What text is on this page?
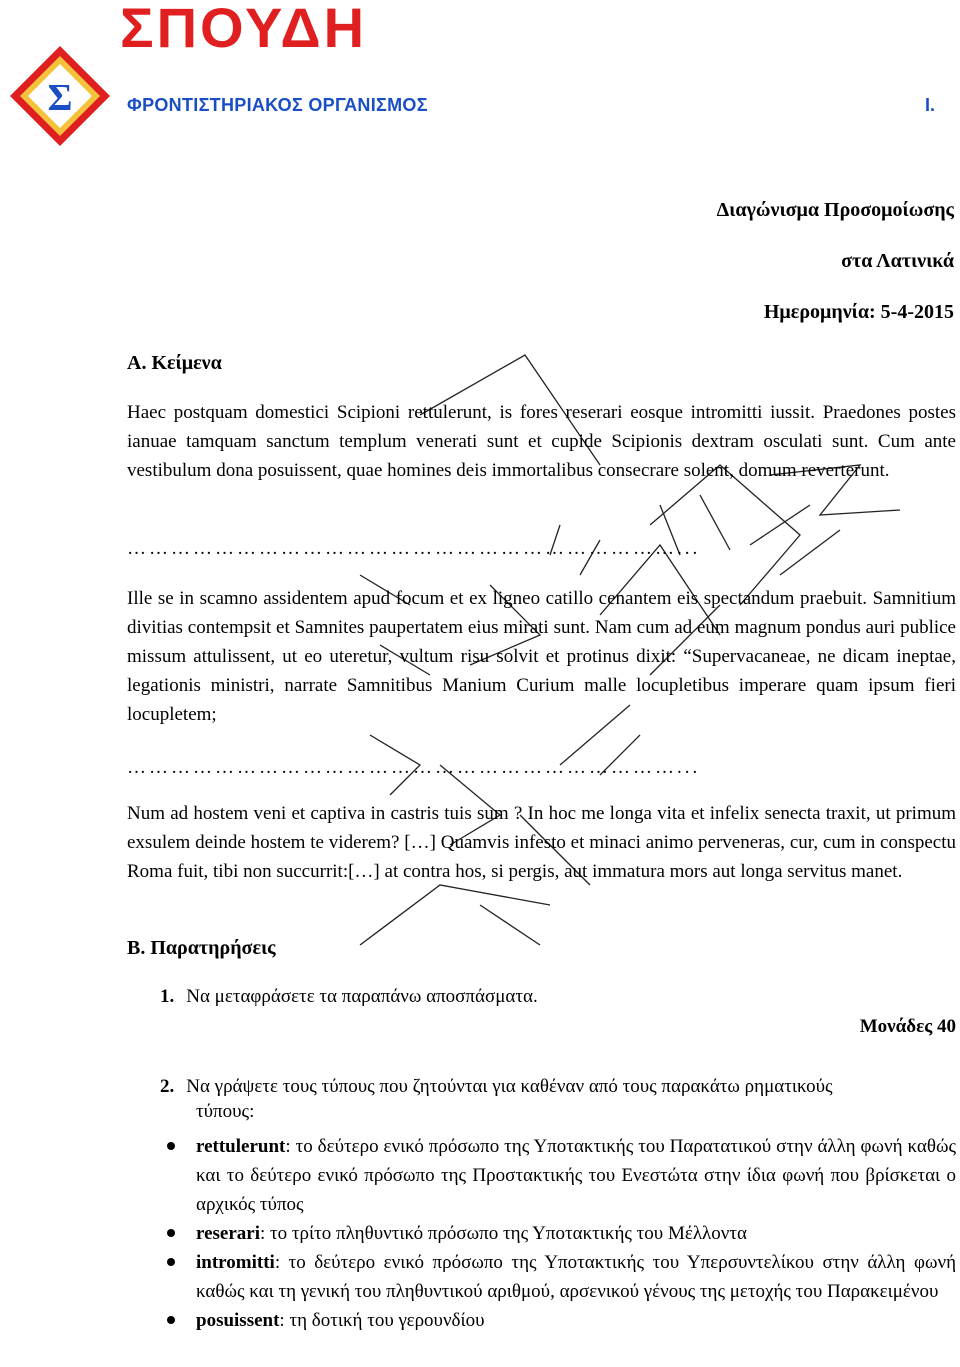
ΣΠΟΥΔΗ
Σ	ΦΡΟΝΤΙΣΤΗΡΙΑΚΟΣ ΟΡΓΑΝΙΣΜΟΣ	Ι.
Διαγώνισμα Προσομοίωσης
στα Λατινικά
Ημερομηνία: 5-4-2015
Α. Κείμενα
Haec postquam domestici Scipioni rettulerunt, is fores reserari eosque intromitti iussit. Praedones postes ianuae tamquam sanctum templum venerati sunt et cupide Scipionis dextram osculati sunt. Cum ante vestibulum dona posuissent, quae homines deis immortalibus consecrare solent, domum reverterunt.
…………………………………………………………………...
Ille se in scamno assidentem apud focum et ex ligneo catillo cenantem eis spectandum praebuit. Samnitium divitias contempsit et Samnites paupertatem eius mirati sunt. Nam cum ad eum magnum pondus auri publice missum attulissent, ut eo uteretur, vultum risu solvit et protinus dixit: “Supervacaneae, ne dicam ineptae, legationis ministri, narrate Samnitibus Manium Curium malle locupletibus imperare quam ipsum fieri locupletem;
…………………………………………………………………...
Num ad hostem veni et captiva in castris tuis sum ? In hoc me longa vita et infelix senecta traxit, ut primum exsulem deinde hostem te viderem? […] Quamvis infesto et minaci animo perveneras, cur, cum in conspectu Roma fuit, tibi non succurrit:[…] at contra hos, si pergis, aut immatura mors aut longa servitus manet.
Β. Παρατηρήσεις
1. Να μεταφράσετε τα παραπάνω αποσπάσματα.
Μονάδες 40
2. Να γράψετε τους τύπους που ζητούνται για καθέναν από τους παρακάτω ρηματικούς
τύπους:
rettulerunt: το δεύτερο ενικό πρόσωπο της Υποτακτικής του Παρατατικού στην άλλη φωνή καθώς και το δεύτερο ενικό πρόσωπο της Προστακτικής του Ενεστώτα στην ίδια φωνή που βρίσκεται ο αρχικός τύπος
reserari: το τρίτο πληθυντικό πρόσωπο της Υποτακτικής του Μέλλοντα
intromitti: το δεύτερο ενικό πρόσωπο της Υποτακτικής του Υπερσυντελίκου στην άλλη φωνή καθώς και τη γενική του πληθυντικού αριθμού, αρσενικού γένους της μετοχής του Παρακειμένου
posuissent: τη δοτική του γερουνδίου
